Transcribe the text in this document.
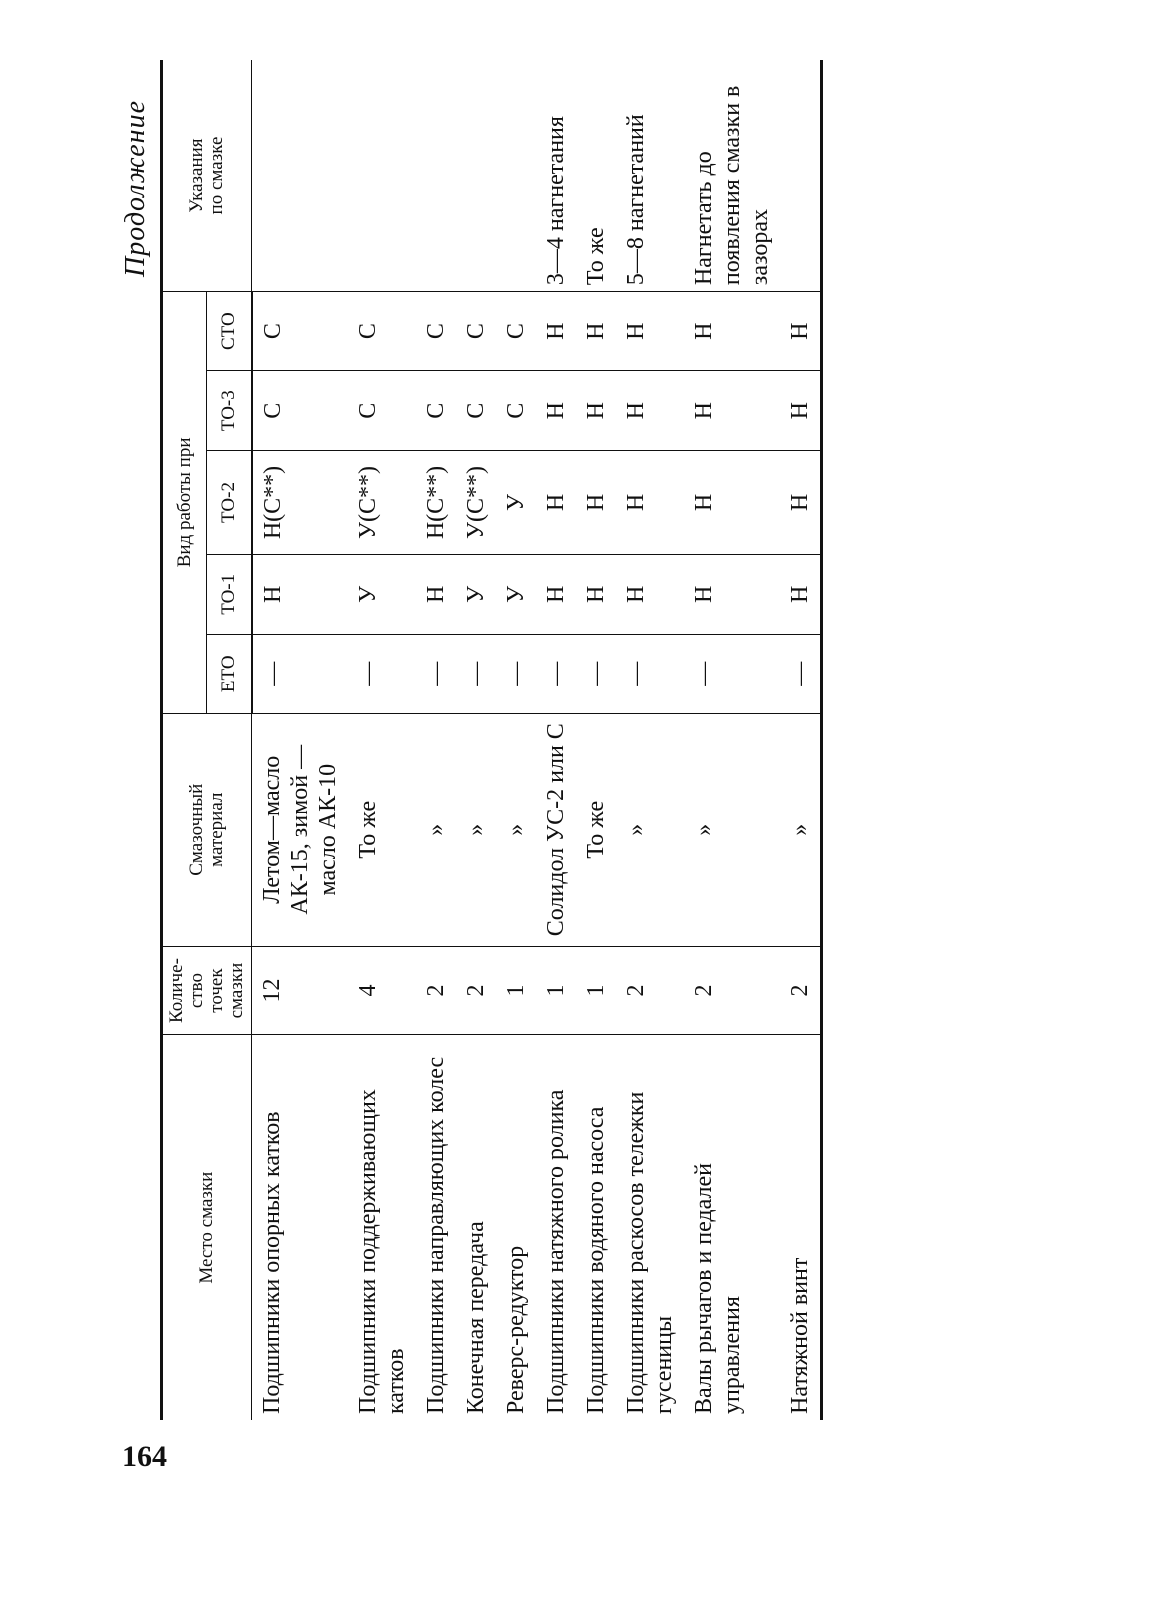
164
Продолжение
Место смазки	Количе-
ство
точек
смазки	Смазочный
материал	Вид работы при					Указания
по смазке
			ЕТО	ТО-1	ТО-2	ТО-3	СТО	
Подшипники опорных катков	12	Летом—масло АК-15, зимой — масло АК-10	—	Н	Н(С**)	С	С	
Подшипники поддерживающих катков	4	То же	—	У	У(С**)	С	С	
Подшипники направляющих колес	2	»	—	Н	Н(С**)	С	С	
Конечная передача	2	»	—	У	У(С**)	С	С	
Реверс-редуктор	1	»	—	У	У	С	С	
Подшипники натяжного ролика	1	Солидол УС-2 или С	—	Н	Н	Н	Н	3—4 нагнетания
Подшипники водяного насоса	1	То же	—	Н	Н	Н	Н	То же
Подшипники раскосов тележки гусеницы	2	»	—	Н	Н	Н	Н	5—8 нагнетаний
Валы рычагов и педалей управления	2	»	—	Н	Н	Н	Н	Нагнетать до появления смазки в зазорах
Натяжной винт	2	»	—	Н	Н	Н	Н	
